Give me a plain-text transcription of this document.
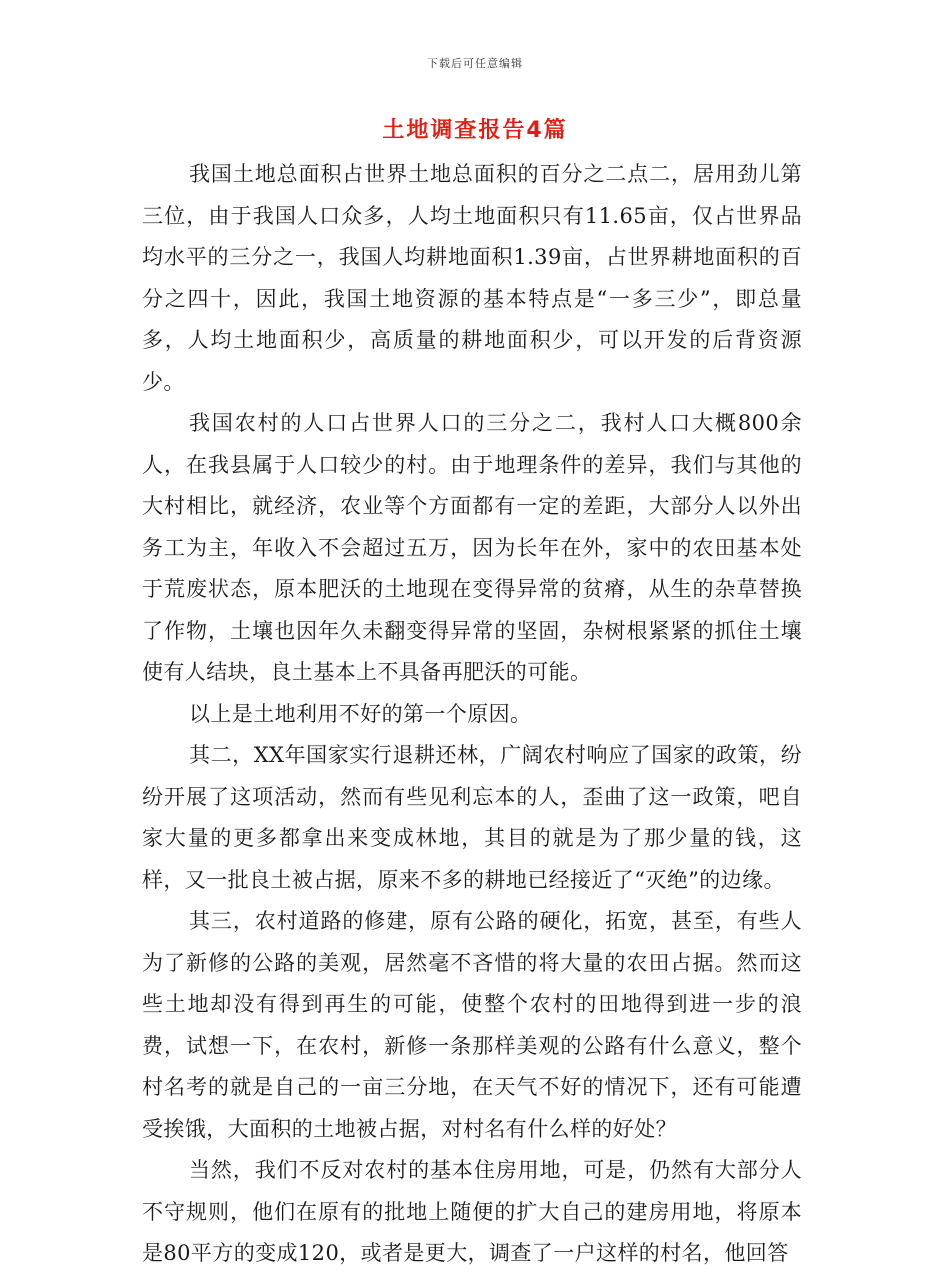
下载后可任意编辑
土地调查报告4篇

我国土地总面积占世界土地总面积的百分之二点二，居用劲儿第三位，由于我国人口众多，人均土地面积只有11.65亩，仅占世界品均水平的三分之一，我国人均耕地面积1.39亩，占世界耕地面积的百分之四十，因此，我国土地资源的基本特点是“一多三少”，即总量多，人均土地面积少，高质量的耕地面积少，可以开发的后背资源少。

我国农村的人口占世界人口的三分之二，我村人口大概800余人，在我县属于人口较少的村。由于地理条件的差异，我们与其他的大村相比，就经济，农业等个方面都有一定的差距，大部分人以外出务工为主，年收入不会超过五万，因为长年在外，家中的农田基本处于荒废状态，原本肥沃的土地现在变得异常的贫瘠，从生的杂草替换了作物，土壤也因年久未翻变得异常的坚固，杂树根紧紧的抓住土壤使有人结块，良土基本上不具备再肥沃的可能。

以上是土地利用不好的第一个原因。

其二，XX年国家实行退耕还林，广阔农村响应了国家的政策，纷纷开展了这项活动，然而有些见利忘本的人，歪曲了这一政策，吧自家大量的更多都拿出来变成林地，其目的就是为了那少量的钱，这样，又一批良土被占据，原来不多的耕地已经接近了“灭绝”的边缘。

其三，农村道路的修建，原有公路的硬化，拓宽，甚至，有些人为了新修的公路的美观，居然毫不吝惜的将大量的农田占据。然而这些土地却没有得到再生的可能，使整个农村的田地得到进一步的浪费，试想一下，在农村，新修一条那样美观的公路有什么意义，整个村名考的就是自己的一亩三分地，在天气不好的情况下，还有可能遭受挨饿，大面积的土地被占据，对村名有什么样的好处？

当然，我们不反对农村的基本住房用地，可是，仍然有大部分人不守规则，他们在原有的批地上随便的扩大自己的建房用地，将原本是80平方的变成120，或者是更大，调查了一户这样的村名，他回答
